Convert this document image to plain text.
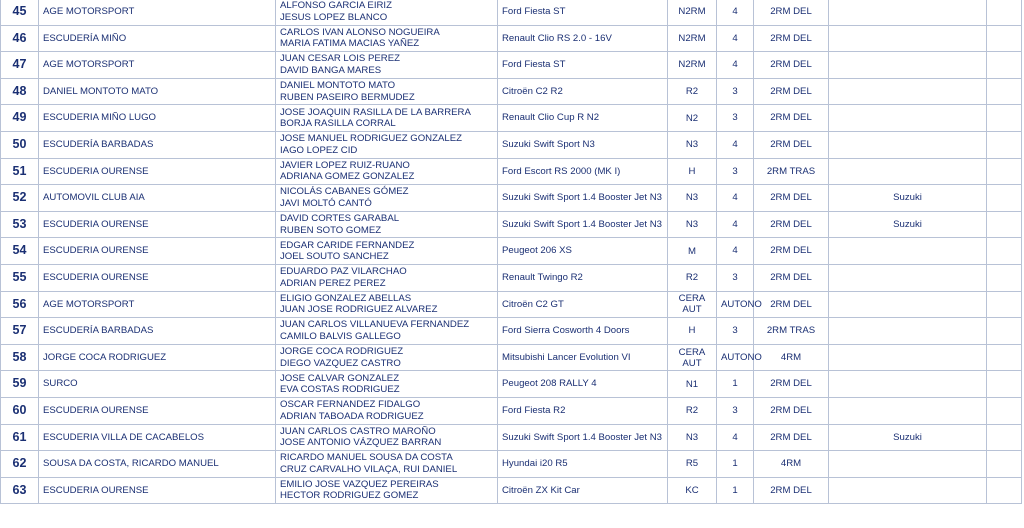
45	AGE MOTORSPORT	ALFONSO GARCIA EIRIZ
JESUS LOPEZ BLANCO	Ford Fiesta ST	N2RM	4	2RM DEL		
46	ESCUDERÍA MIÑO	CARLOS IVAN ALONSO NOGUEIRA
MARIA FATIMA MACIAS YAÑEZ	Renault Clio RS 2.0 - 16V	N2RM	4	2RM DEL		
47	AGE MOTORSPORT	JUAN CESAR LOIS PEREZ
DAVID BANGA MARES	Ford Fiesta ST	N2RM	4	2RM DEL		
48	DANIEL MONTOTO MATO	DANIEL MONTOTO MATO
RUBEN PASEIRO BERMUDEZ	Citroën C2 R2	R2	3	2RM DEL		
49	ESCUDERIA MIÑO LUGO	JOSE JOAQUIN RASILLA DE LA BARRERA
BORJA RASILLA CORRAL	Renault Clio Cup R N2	N2	3	2RM DEL		
50	ESCUDERÍA BARBADAS	JOSE MANUEL RODRIGUEZ GONZALEZ
IAGO LOPEZ CID	Suzuki Swift Sport N3	N3	4	2RM DEL		
51	ESCUDERIA OURENSE	JAVIER LOPEZ RUIZ-RUANO
ADRIANA GOMEZ GONZALEZ	Ford Escort RS 2000 (MK I)	H	3	2RM TRAS		
52	AUTOMOVIL CLUB AIA	NICOLÁS CABANES GÓMEZ
JAVI MOLTÓ CANTÓ	Suzuki Swift Sport 1.4 Booster Jet N3	N3	4	2RM DEL	Suzuki	
53	ESCUDERIA OURENSE	DAVID CORTES GARABAL
RUBEN SOTO GOMEZ	Suzuki Swift Sport 1.4 Booster Jet N3	N3	4	2RM DEL	Suzuki	
54	ESCUDERIA OURENSE	EDGAR CARIDE FERNANDEZ
JOEL SOUTO SANCHEZ	Peugeot 206 XS	M	4	2RM DEL		
55	ESCUDERIA OURENSE	EDUARDO PAZ VILARCHAO
ADRIAN PEREZ PEREZ	Renault Twingo R2	R2	3	2RM DEL		
56	AGE MOTORSPORT	ELIGIO GONZALEZ ABELLAS
JUAN JOSE RODRIGUEZ ALVAREZ	Citroën C2 GT	CERA
AUT	AUTONO	2RM DEL		
57	ESCUDERÍA BARBADAS	JUAN CARLOS VILLANUEVA FERNANDEZ
CAMILO BALVIS GALLEGO	Ford Sierra Cosworth 4 Doors	H	3	2RM TRAS		
58	JORGE COCA RODRIGUEZ	JORGE COCA RODRIGUEZ
DIEGO VAZQUEZ CASTRO	Mitsubishi Lancer Evolution VI	CERA
AUT	AUTONO	4RM		
59	SURCO	JOSE CALVAR GONZALEZ
EVA COSTAS RODRIGUEZ	Peugeot 208 RALLY 4	N1	1	2RM DEL		
60	ESCUDERIA OURENSE	OSCAR FERNANDEZ FIDALGO
ADRIAN TABOADA RODRIGUEZ	Ford Fiesta R2	R2	3	2RM DEL		
61	ESCUDERIA VILLA DE CACABELOS	JUAN CARLOS CASTRO MAROÑO
JOSE ANTONIO VÁZQUEZ BARRAN	Suzuki Swift Sport 1.4 Booster Jet N3	N3	4	2RM DEL	Suzuki	
62	SOUSA DA COSTA, RICARDO MANUEL	RICARDO MANUEL SOUSA DA COSTA
CRUZ CARVALHO VILAÇA, RUI DANIEL	Hyundai i20 R5	R5	1	4RM		
63	ESCUDERIA OURENSE	EMILIO JOSE VAZQUEZ PEREIRAS
HECTOR RODRIGUEZ GOMEZ	Citroën ZX Kit Car	KC	1	2RM DEL		
